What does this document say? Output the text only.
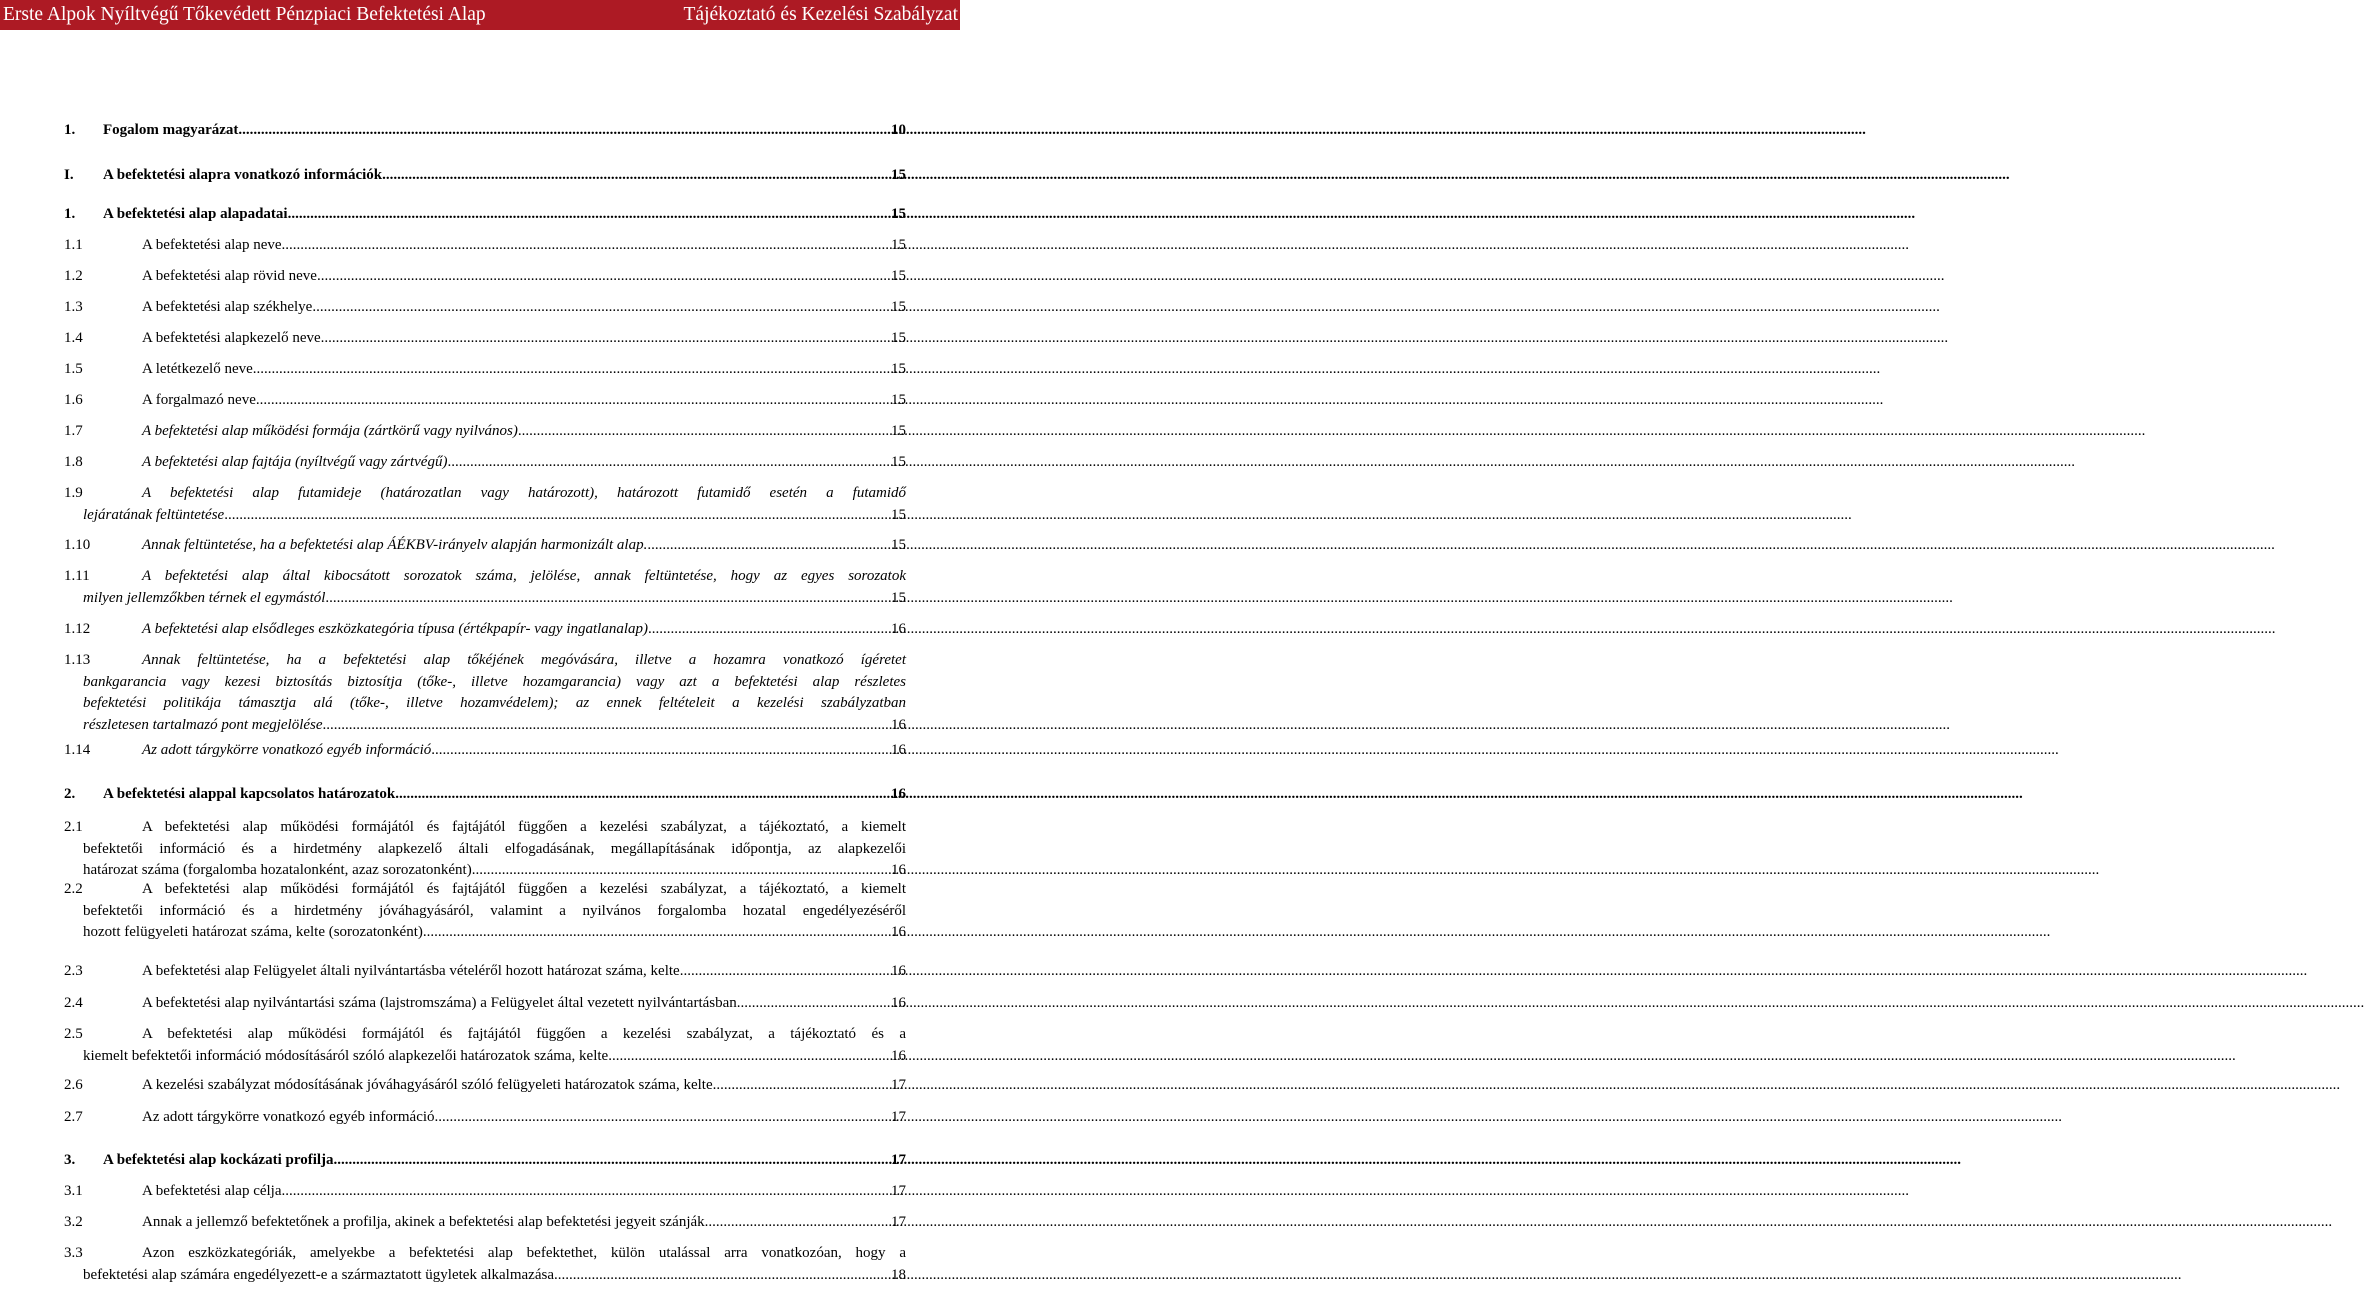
Erste Alpok Nyíltvégű Tőkevédett Pénzpiaci Befektetési Alap	Tájékoztató és Kezelési Szabályzat
1.	Fogalom magyarázat .....	10
I.	A befektetési alapra vonatkozó információk .....	15
1.	A befektetési alap alapadatai .....	15
1.1	A befektetési alap neve .....	15
1.2	A befektetési alap rövid neve .....	15
1.3	A befektetési alap székhelye .....	15
1.4	A befektetési alapkezelő neve .....	15
1.5	A letétkezelő neve .....	15
1.6	A forgalmazó neve .....	15
1.7	A befektetési alap működési formája (zártkörű vagy nyilvános) .....	15
1.8	A befektetési alap fajtája (nyíltvégű vagy zártvégű) .....	15
1.9	A befektetési alap futamideje (határozatlan vagy határozott), határozott futamidő esetén a futamidő
lejáratának feltüntetése .....	15
1.10	Annak feltüntetése, ha a befektetési alap ÁÉKBV-irányelv alapján harmonizált alap. .....	15
1.11	A befektetési alap által kibocsátott sorozatok száma, jelölése, annak feltüntetése, hogy az egyes sorozatok
milyen jellemzőkben térnek el egymástól .....	15
1.12	A befektetési alap elsődleges eszközkategória típusa (értékpapír- vagy ingatlanalap) .....	16
1.13	Annak feltüntetése, ha a befektetési alap tőkéjének megóvására, illetve a hozamra vonatkozó ígéretet
bankgarancia vagy kezesi biztosítás biztosítja (tőke-, illetve hozamgarancia) vagy azt a befektetési alap részletes
befektetési politikája támasztja alá (tőke-, illetve hozamvédelem); az ennek feltételeit a kezelési szabályzatban
részletesen tartalmazó pont megjelölése .....	16
1.14	Az adott tárgykörre vonatkozó egyéb információ .....	16
2.	A befektetési alappal kapcsolatos határozatok .....	16
2.1	A befektetési alap működési formájától és fajtájától függően a kezelési szabályzat, a tájékoztató, a kiemelt
befektetői információ és a hirdetmény alapkezelő általi elfogadásának, megállapításának időpontja, az alapkezelői
határozat száma (forgalomba hozatalonként, azaz sorozatonként) .....	16
2.2	A befektetési alap működési formájától és fajtájától függően a kezelési szabályzat, a tájékoztató, a kiemelt
befektetői információ és a hirdetmény jóváhagyásáról, valamint a nyilvános forgalomba hozatal engedélyezéséről
hozott felügyeleti határozat száma, kelte (sorozatonként) .....	16
2.3	A befektetési alap Felügyelet általi nyilvántartásba vételéről hozott határozat száma, kelte .....	16
2.4	A befektetési alap nyilvántartási száma (lajstromszáma) a Felügyelet által vezetett nyilvántartásban .....	16
2.5	A befektetési alap működési formájától és fajtájától függően a kezelési szabályzat, a tájékoztató és a
kiemelt befektetői információ módosításáról szóló alapkezelői határozatok száma, kelte .....	16
2.6	A kezelési szabályzat módosításának jóváhagyásáról szóló felügyeleti határozatok száma, kelte .....	17
2.7	Az adott tárgykörre vonatkozó egyéb információ .....	17
3.	A befektetési alap kockázati profilja .....	17
3.1	A befektetési alap célja .....	17
3.2	Annak a jellemző befektetőnek a profilja, akinek a befektetési alap befektetési jegyeit szánják .....	17
3.3	Azon eszközkategóriák, amelyekbe a befektetési alap befektethet, külön utalással arra vonatkozóan, hogy a
befektetési alap számára engedélyezett-e a származtatott ügyletek alkalmazása .....	18
